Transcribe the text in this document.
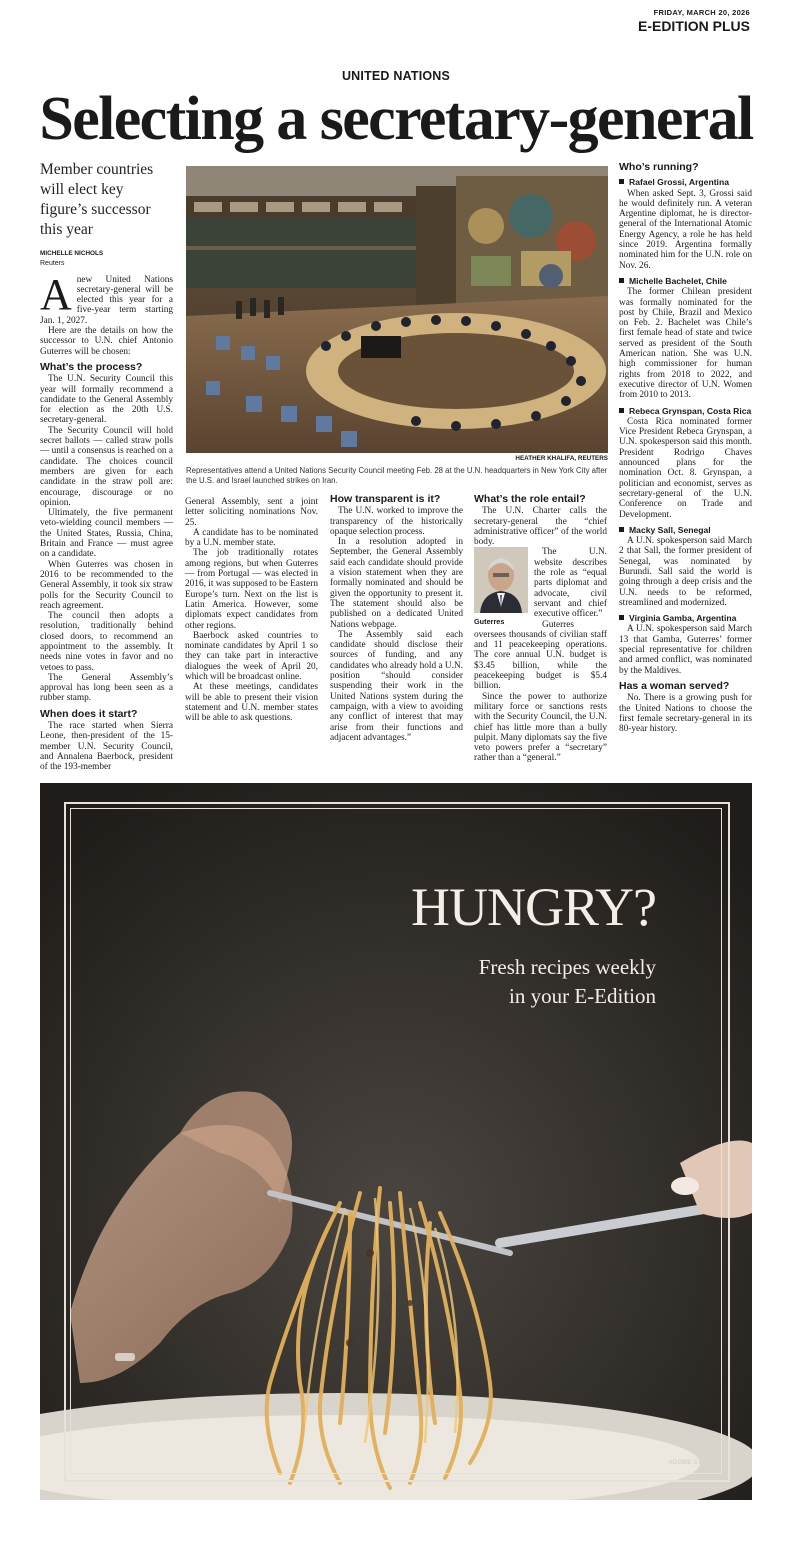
FRIDAY, MARCH 20, 2026
E-EDITION PLUS
UNITED NATIONS
Selecting a secretary-general
Member countries will elect key figure’s successor this year
MICHELLE NICHOLS
Reuters

Anew United Nations secretary-general will be elected this year for a five-year term starting Jan. 1, 2027.

Here are the details on how the successor to U.N. chief Antonio Guterres will be chosen:

What’s the process?

The U.N. Security Council this year will formally recommend a candidate to the General Assembly for election as the 20th U.S. secretary-general.

The Security Council will hold secret ballots — called straw polls — until a consensus is reached on a candidate. The choices council members are given for each candidate in the straw poll are: encourage, discourage or no opinion.

Ultimately, the five permanent veto-wielding council members — the United States, Russia, China, Britain and France — must agree on a candidate.

When Guterres was chosen in 2016 to be recommended to the General Assembly, it took six straw polls for the Security Council to reach agreement.

The council then adopts a resolution, traditionally behind closed doors, to recommend an appointment to the assembly. It needs nine votes in favor and no vetoes to pass.

The General Assembly’s approval has long been seen as a rubber stamp.

When does it start?

The race started when Sierra Leone, then-president of the 15-member U.N. Security Council, and Annalena Baerbock, president of the 193-member

HEATHER KHALIFA, REUTERS
Representatives attend a United Nations Security Council meeting Feb. 28 at the U.N. headquarters in New York City after the U.S. and Israel launched strikes on Iran.

General Assembly, sent a joint letter soliciting nominations Nov. 25.

A candidate has to be nominated by a U.N. member state.

The job traditionally rotates among regions, but when Guterres — from Portugal — was elected in 2016, it was supposed to be Eastern Europe’s turn. Next on the list is Latin America. However, some diplomats expect candidates from other regions.

Baerbock asked countries to nominate candidates by April 1 so they can take part in interactive dialogues the week of April 20, which will be broadcast online.

At these meetings, candidates will be able to present their vision statement and U.N. member states will be able to ask questions.

How transparent is it?

The U.N. worked to improve the transparency of the historically opaque selection process.

In a resolution adopted in September, the General Assembly said each candidate should provide a vision statement when they are formally nominated and should be given the opportunity to present it. The statement should also be published on a dedicated United Nations webpage.

The Assembly said each candidate should disclose their sources of funding, and any candidates who already hold a U.N. position “should consider suspending their work in the United Nations system during the campaign, with a view to avoiding any conflict of interest that may arise from their functions and adjacent advantages.”

What’s the role entail?

The U.N. Charter calls the secretary-general the “chief administrative officer” of the world body.

Guterres

The U.N. website describes the role as “equal parts diplomat and advocate, civil servant and chief executive officer.”

Guterres oversees thousands of civilian staff and 11 peacekeeping operations. The core annual U.N. budget is $3.45 billion, while the peacekeeping budget is $5.4 billion.

Since the power to authorize military force or sanctions rests with the Security Council, the U.N. chief has little more than a bully pulpit. Many diplomats say the five veto powers prefer a “secretary” rather than a “general.”

Who’s running?
Rafael Grossi, Argentina

When asked Sept. 3, Grossi said he would definitely run. A veteran Argentine diplomat, he is director-general of the International Atomic Energy Agency, a role he has held since 2019. Argentina formally nominated him for the U.N. role on Nov. 26.

Michelle Bachelet, Chile

The former Chilean president was formally nominated for the post by Chile, Brazil and Mexico on Feb. 2. Bachelet was Chile’s first female head of state and twice served as president of the South American nation. She was U.N. high commissioner for human rights from 2018 to 2022, and executive director of U.N. Women from 2010 to 2013.

Rebeca Grynspan, Costa Rica

Costa Rica nominated former Vice President Rebeca Grynspan, a U.N. spokesperson said this month. President Rodrigo Chaves announced plans for the nomination Oct. 8. Grynspan, a politician and economist, serves as secretary-general of the U.N. Conference on Trade and Development.

Macky Sall, Senegal

A U.N. spokesperson said March 2 that Sall, the former president of Senegal, was nominated by Burundi. Sall said the world is going through a deep crisis and the U.N. needs to be reformed, streamlined and modernized.

Virginia Gamba, Argentina

A U.N. spokesperson said March 13 that Gamba, Guterres’ former special representative for children and armed conflict, was nominated by the Maldives.

Has a woman served?

No. There is a growing push for the United Nations to choose the first female secretary-general in its 80-year history.

HUNGRY?
Fresh recipes weekly
in your E-Edition
ADOBE STOCK
